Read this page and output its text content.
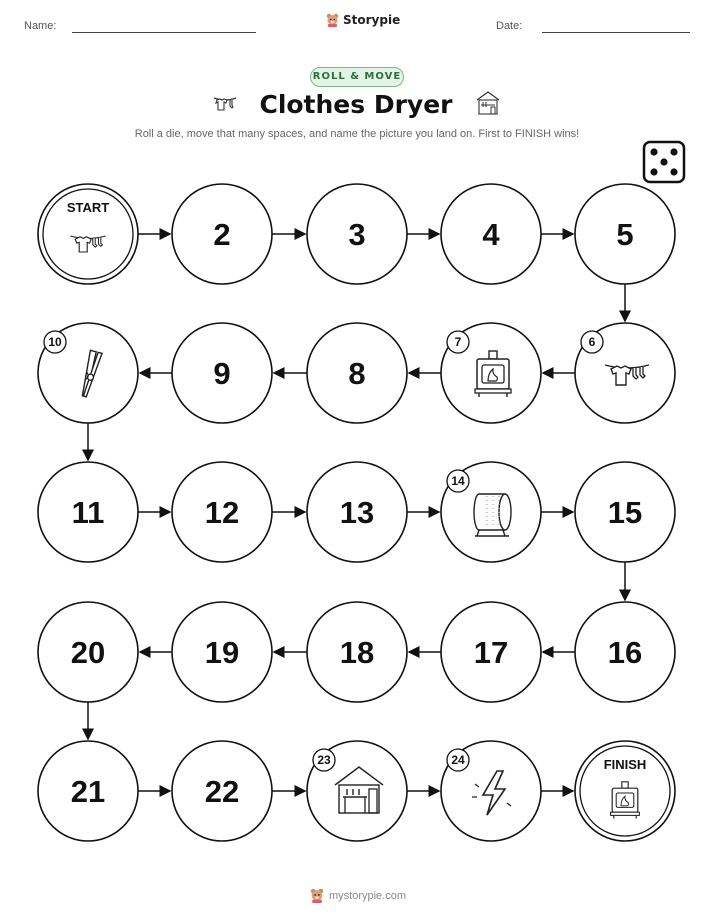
Name:	Storypie	Date:
ROLL & MOVE
Clothes Dryer
Roll a die, move that many spaces, and name the picture you land on. First to FINISH wins!
START
2	3	4	5
6
7
8
9
10
11	12	13
14
15
16
17
18
19
20
21	22
23	24	FINISH
mystorypie.com
